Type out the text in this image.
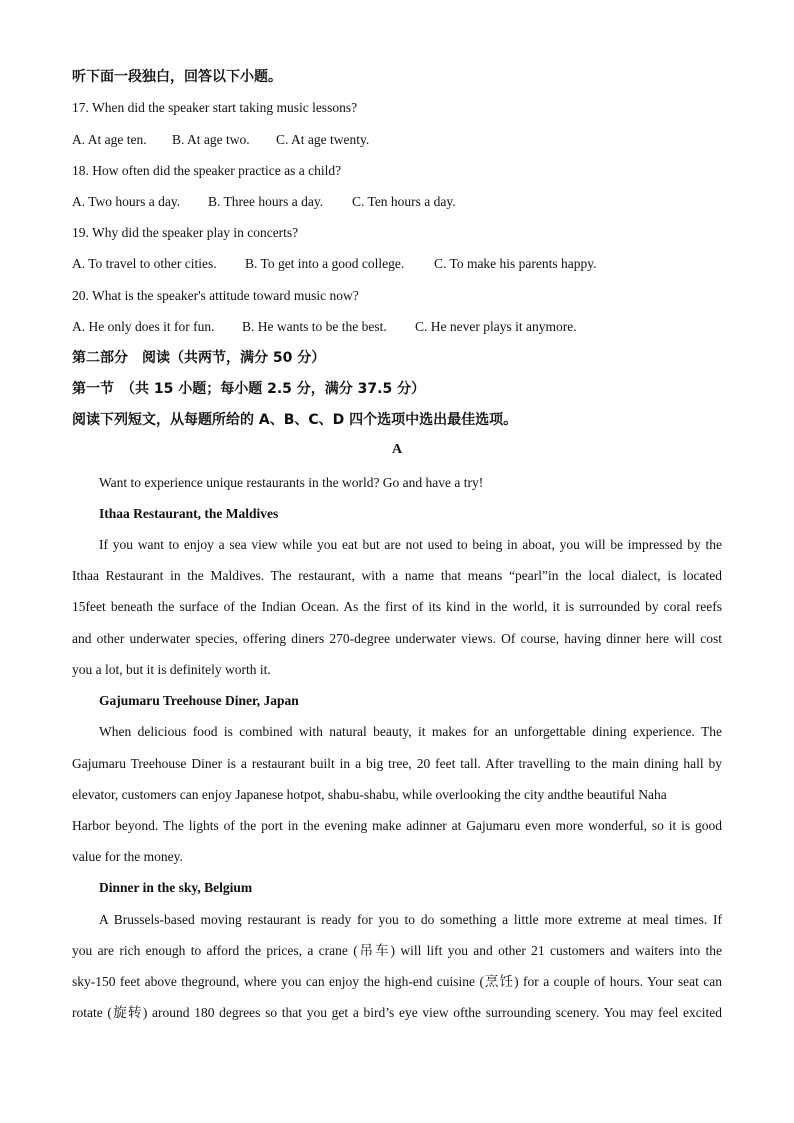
听下面一段独白，回答以下小题。
17. When did the speaker start taking music lessons?
A. At age ten. B. At age two. C. At age twenty.
18. How often did the speaker practice as a child?
A. Two hours a day. B. Three hours a day. C. Ten hours a day.
19. Why did the speaker play in concerts?
A. To travel to other cities. B. To get into a good college. C. To make his parents happy.
20. What is the speaker's attitude toward music now?
A. He only does it for fun. B. He wants to be the best. C. He never plays it anymore.
第二部分　阅读（共两节，满分 50 分）
第一节　（共 15 小题；每小题 2.5 分，满分 37.5 分）
阅读下列短文，从每题所给的 A、B、C、D 四个选项中选出最佳选项。
A
Want to experience unique restaurants in the world? Go and have a try!
Ithaa Restaurant, the Maldives
If you want to enjoy a sea view while you eat but are not used to being in aboat, you will be impressed by the
Ithaa Restaurant in the Maldives. The restaurant, with a name that means “pearl”in the local dialect, is located
15feet beneath the surface of the Indian Ocean. As the first of its kind in the world, it is surrounded by coral reefs
and other underwater species, offering diners 270-degree underwater views. Of course, having dinner here will cost
you a lot, but it is definitely worth it.
Gajumaru Treehouse Diner, Japan
When delicious food is combined with natural beauty, it makes for an unforgettable dining experience. The
Gajumaru Treehouse Diner is a restaurant built in a big tree, 20 feet tall. After travelling to the main dining hall by
elevator, customers can enjoy Japanese hotpot, shabu-shabu, while overlooking the city andthe beautiful Naha
Harbor beyond. The lights of the port in the evening make adinner at Gajumaru even more wonderful, so it is good
value for the money.
Dinner in the sky, Belgium
A Brussels-based moving restaurant is ready for you to do something a little more extreme at meal times. If
you are rich enough to afford the prices, a crane (吊车) will lift you and other 21 customers and waiters into the
sky-150 feet above theground, where you can enjoy the high-end cuisine (烹饪) for a couple of hours. Your seat can
rotate (旋转) around 180 degrees so that you get a bird’s eye view ofthe surrounding scenery. You may feel excited
